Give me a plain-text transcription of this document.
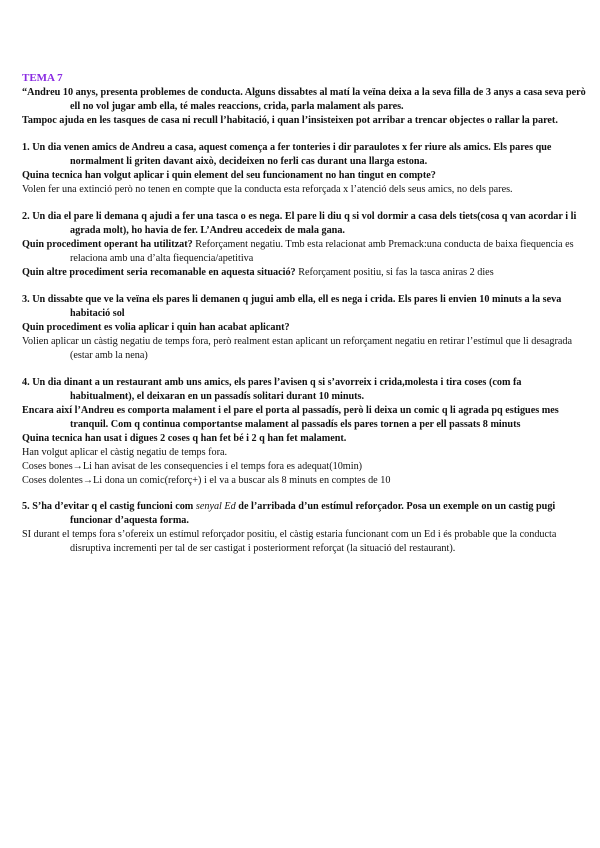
TEMA 7

“Andreu 10 anys, presenta problemes de conducta. Alguns dissabtes al matí la veïna deixa a la seva filla de 3 anys a casa seva però ell no vol jugar amb ella, té males reaccions, crida, parla malament als pares.

Tampoc ajuda en les tasques de casa ni recull l’habitació, i quan l’insisteixen pot arribar a trencar objectes o rallar la paret.

1. Un dia venen amics de Andreu a casa, aquest comença a fer tonteries i dir paraulotes x fer riure als amics. Els pares que normalment li griten davant això, decideixen no ferli cas durant una llarga estona.

Quina tecnica han volgut aplicar i quin element del seu funcionament no han tingut en compte?

Volen fer una extinció però no tenen en compte que la conducta esta reforçada x l’atenció dels seus amics, no dels pares.

2. Un dia el pare li demana q ajudi a fer una tasca o es nega. El pare li diu q si vol dormir a casa dels tiets(cosa q van acordar i li agrada molt), ho havia de fer. L’Andreu accedeix de mala gana.

Quin procediment operant ha utilitzat? Reforçament negatiu. Tmb esta relacionat amb Premack:una conducta de baixa fiequencia es relaciona amb una d’alta fiequencia/apetitiva

Quin altre procediment seria recomanable en aquesta situació? Reforçament positiu, si fas la tasca aniras 2 dies

3. Un dissabte que ve la veïna els pares li demanen q jugui amb ella, ell es nega i crida. Els pares li envien 10 minuts a la seva habitació sol

Quin procediment es volia aplicar i quin han acabat aplicant?

Volien aplicar un càstig negatiu de temps fora, però realment estan aplicant un reforçament negatiu en retirar l’estímul que li desagrada (estar amb la nena)

4. Un dia dinant a un restaurant amb uns amics, els pares l’avisen q si s’avorreix i crida,molesta i tira coses (com fa habitualment), el deixaran en un passadís solitari durant 10 minuts.

Encara així l’Andreu es comporta malament i el pare el porta al passadís, però li deixa un comic q li agrada pq estigues mes tranquil. Com q continua comportantse malament al passadís els pares tornen a per ell passats 8 minuts

Quina tecnica han usat i digues 2 coses q han fet bé i 2 q han fet malament.

Han volgut aplicar el càstig negatiu de temps fora.

Coses bones→Li han avisat de les consequencies i el temps fora es adequat(10min)

Coses dolentes→Li dona un comic(reforç+) i el va a buscar als 8 minuts en comptes de 10

5. S’ha d’evitar q el castig funcioni com senyal Ed de l’arribada d’un estímul reforçador. Posa un exemple on un castig pugi funcionar d’aquesta forma.

SI durant el temps fora s’ofereix un estímul reforçador positiu, el càstig estaria funcionant com un Ed i és probable que la conducta disruptiva incrementi per tal de ser castigat i posteriorment reforçat (la situació del restaurant).
